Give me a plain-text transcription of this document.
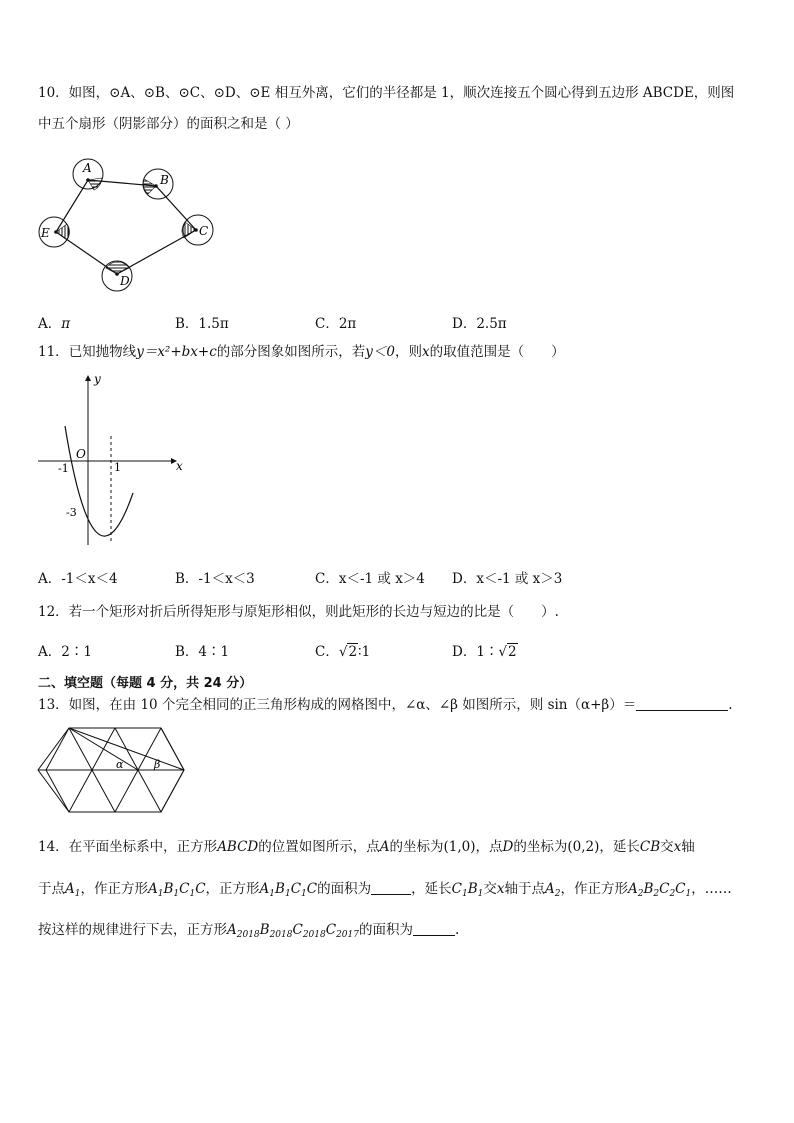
10．如图，⊙A、⊙B、⊙C、⊙D、⊙E 相互外离，它们的半径都是 1，顺次连接五个圆心得到五边形 ABCDE，则图
中五个扇形（阴影部分）的面积之和是（ ）
A
B
C
D
E
A．π	B．1.5π	C．2π	D．2.5π
11．已知抛物线y＝x²+bx+c的部分图象如图所示，若y＜0，则x的取值范围是（　　）
y
x
O
-1	1
-3
A．-1＜x＜4	B．-1＜x＜3	C．x＜-1 或 x＞4 D．x＜-1 或 x＞3
12．若一个矩形对折后所得矩形与原矩形相似，则此矩形的长边与短边的比是（　　）.
A．2∶1	B．4∶1	C．√2∶1	D．1∶√2
二、填空题（每题 4 分，共 24 分）
13．如图，在由 10 个完全相同的正三角形构成的网格图中，∠α、∠β 如图所示，则 sin（α+β）＝	.
α	β
14．在平面坐标系中，正方形ABCD的位置如图所示，点A的坐标为(1,0)，点D的坐标为(0,2)，延长CB交x轴
于点$A_1$，作正方形$A_1B_1C_1C$，正方形$A_1B_1C_1C$的面积为	，延长$C_1B_1$交x轴于点$A_2$，作正方形$A_2B_2C_2C_1$，……
按这样的规律进行下去，正方形$A_{2018}B_{2018}C_{2018}C_{2017}$的面积为	.
